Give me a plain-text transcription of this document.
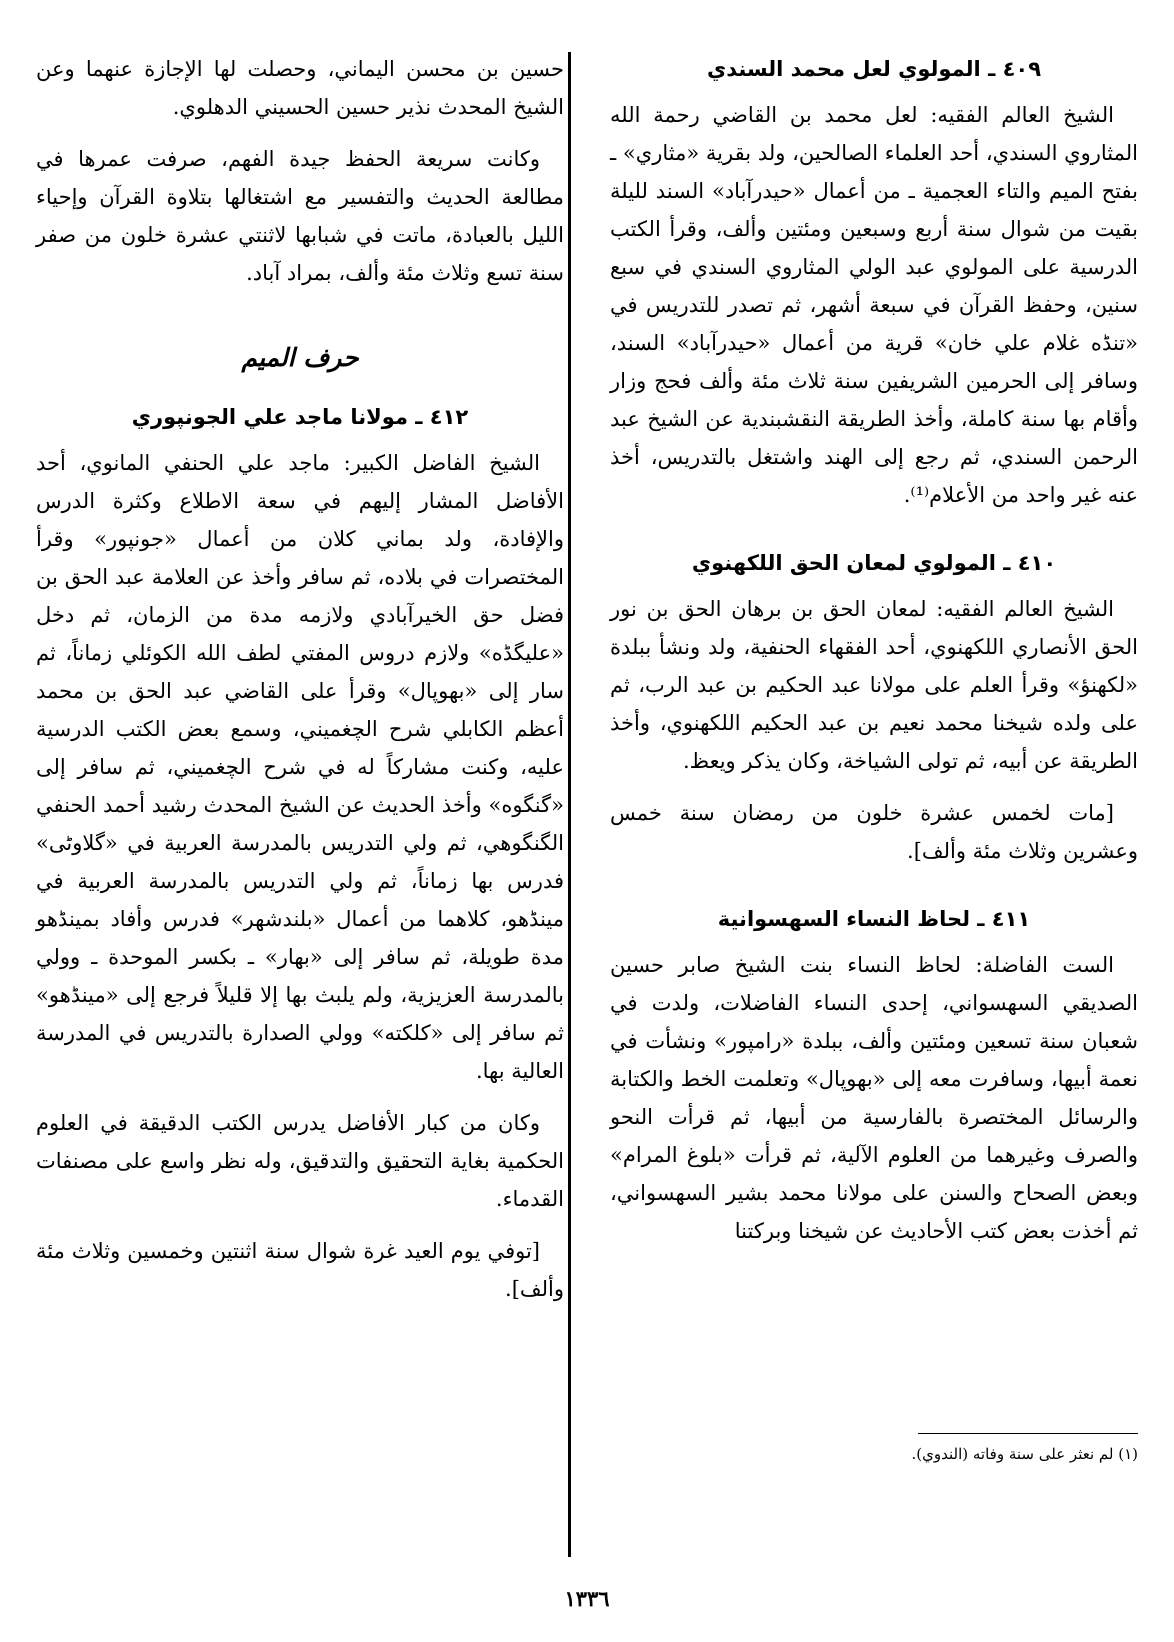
٤٠٩ ـ المولوي لعل محمد السندي

الشيخ العالم الفقيه: لعل محمد بن القاضي رحمة الله المثاروي السندي، أحد العلماء الصالحين، ولد بقرية «مثاري» ـ بفتح الميم والتاء العجمية ـ من أعمال «حيدرآباد» السند لليلة بقيت من شوال سنة أربع وسبعين ومئتين وألف، وقرأ الكتب الدرسية على المولوي عبد الولي المثاروي السندي في سبع سنين، وحفظ القرآن في سبعة أشهر، ثم تصدر للتدريس في «تنڈه غلام علي خان» قرية من أعمال «حيدرآباد» السند، وسافر إلى الحرمين الشريفين سنة ثلاث مئة وألف فحج وزار وأقام بها سنة كاملة، وأخذ الطريقة النقشبندية عن الشيخ عبد الرحمن السندي، ثم رجع إلى الهند واشتغل بالتدريس، أخذ عنه غير واحد من الأعلام⁽¹⁾.

٤١٠ ـ المولوي لمعان الحق اللكهنوي

الشيخ العالم الفقيه: لمعان الحق بن برهان الحق بن نور الحق الأنصاري اللكهنوي، أحد الفقهاء الحنفية، ولد ونشأ ببلدة «لكهنؤ» وقرأ العلم على مولانا عبد الحكيم بن عبد الرب، ثم على ولده شيخنا محمد نعيم بن عبد الحكيم اللكهنوي، وأخذ الطريقة عن أبيه، ثم تولى الشياخة، وكان يذكر ويعظ.

[مات لخمس عشرة خلون من رمضان سنة خمس وعشرين وثلاث مئة وألف].

٤١١ ـ لحاظ النساء السهسوانية

الست الفاضلة: لحاظ النساء بنت الشيخ صابر حسين الصديقي السهسواني، إحدى النساء الفاضلات، ولدت في شعبان سنة تسعين ومئتين وألف، ببلدة «رامپور» ونشأت في نعمة أبيها، وسافرت معه إلى «بهوپال» وتعلمت الخط والكتابة والرسائل المختصرة بالفارسية من أبيها، ثم قرأت النحو والصرف وغيرهما من العلوم الآلية، ثم قرأت «بلوغ المرام» وبعض الصحاح والسنن على مولانا محمد بشير السهسواني، ثم أخذت بعض كتب الأحاديث عن شيخنا وبركتنا

حسين بن محسن اليماني، وحصلت لها الإجازة عنهما وعن الشيخ المحدث نذير حسين الحسيني الدهلوي.

وكانت سريعة الحفظ جيدة الفهم، صرفت عمرها في مطالعة الحديث والتفسير مع اشتغالها بتلاوة القرآن وإحياء الليل بالعبادة، ماتت في شبابها لاثنتي عشرة خلون من صفر سنة تسع وثلاث مئة وألف، بمراد آباد.

حرف الميم
٤١٢ ـ مولانا ماجد علي الجونپوري

الشيخ الفاضل الكبير: ماجد علي الحنفي المانوي، أحد الأفاضل المشار إليهم في سعة الاطلاع وكثرة الدرس والإفادة، ولد بماني كلان من أعمال «جونپور» وقرأ المختصرات في بلاده، ثم سافر وأخذ عن العلامة عبد الحق بن فضل حق الخيرآبادي ولازمه مدة من الزمان، ثم دخل «عليگڈه» ولازم دروس المفتي لطف الله الكوئلي زماناً، ثم سار إلى «بهوپال» وقرأ على القاضي عبد الحق بن محمد أعظم الكابلي شرح الچغميني، وسمع بعض الكتب الدرسية عليه، وكنت مشاركاً له في شرح الچغميني، ثم سافر إلى «گنگوه» وأخذ الحديث عن الشيخ المحدث رشيد أحمد الحنفي الگنگوهي، ثم ولي التدريس بالمدرسة العربية في «گلاوٹی» فدرس بها زماناً، ثم ولي التدريس بالمدرسة العربية في مينڈهو، كلاهما من أعمال «بلندشهر» فدرس وأفاد بمينڈهو مدة طويلة، ثم سافر إلى «بهار» ـ بكسر الموحدة ـ وولي بالمدرسة العزيزية، ولم يلبث بها إلا قليلاً فرجع إلى «مينڈهو» ثم سافر إلى «كلكته» وولي الصدارة بالتدريس في المدرسة العالية بها.

وكان من كبار الأفاضل يدرس الكتب الدقيقة في العلوم الحكمية بغاية التحقيق والتدقيق، وله نظر واسع على مصنفات القدماء.

[توفي يوم العيد غرة شوال سنة اثنتين وخمسين وثلاث مئة وألف].

(١) لم نعثر على سنة وفاته (الندوي).
١٣٣٦
